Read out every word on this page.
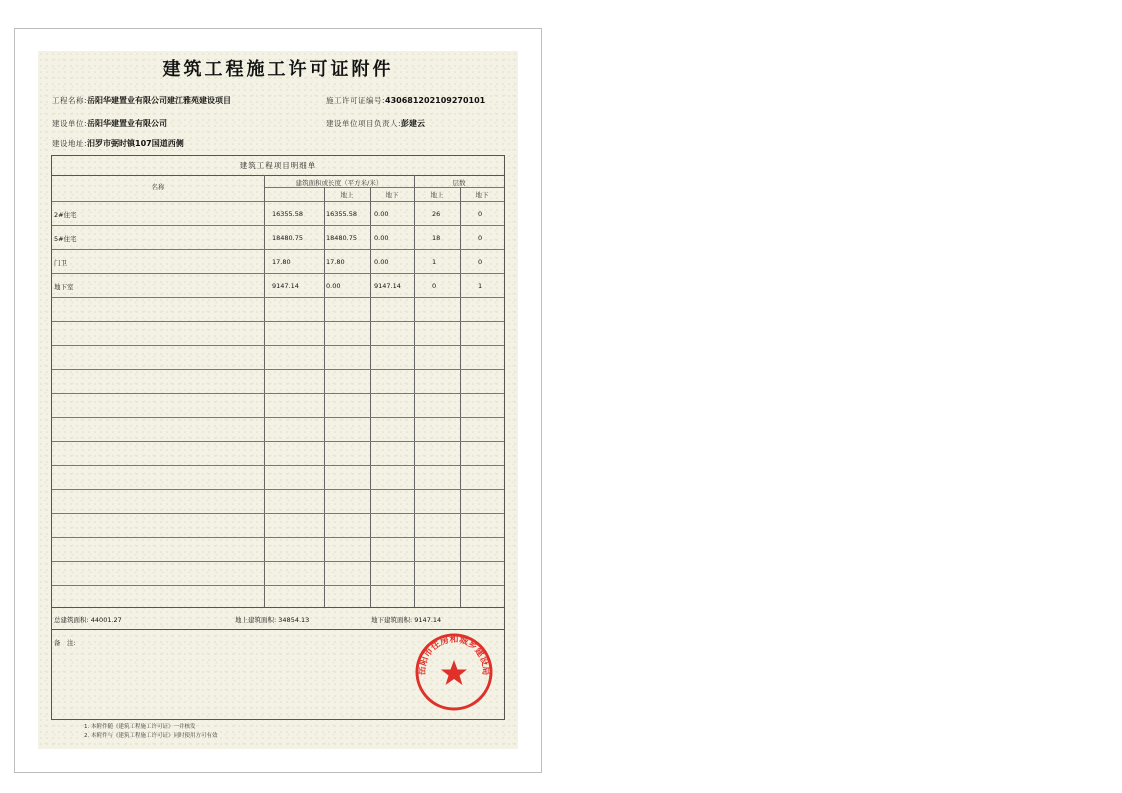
建筑工程施工许可证附件
工程名称:岳阳华建置业有限公司建江雅苑建设项目	施工许可证编号:430681202109270101
建设单位:岳阳华建置业有限公司	建设单位项目负责人:彭建云
建设地址:汨罗市弼时镇107国道西侧
建筑工程项目明细单
名称	建筑面积或长度（平方米/米）	层数
地上	地下	地上	地下
2#住宅	16355.58	16355.58	0.00	26	0
5#住宅	18480.75	18480.75	0.00	18	0
门卫	17.80	17.80	0.00	1	0
地下室	9147.14	0.00	9147.14	0	1
总建筑面积: 44001.27	地上建筑面积: 34854.13	地下建筑面积: 9147.14
备　注:
1. 本附件随《建筑工程施工许可证》一并核发
2. 本附件与《建筑工程施工许可证》同时使用方可有效
岳阳市住房和城乡建设局
